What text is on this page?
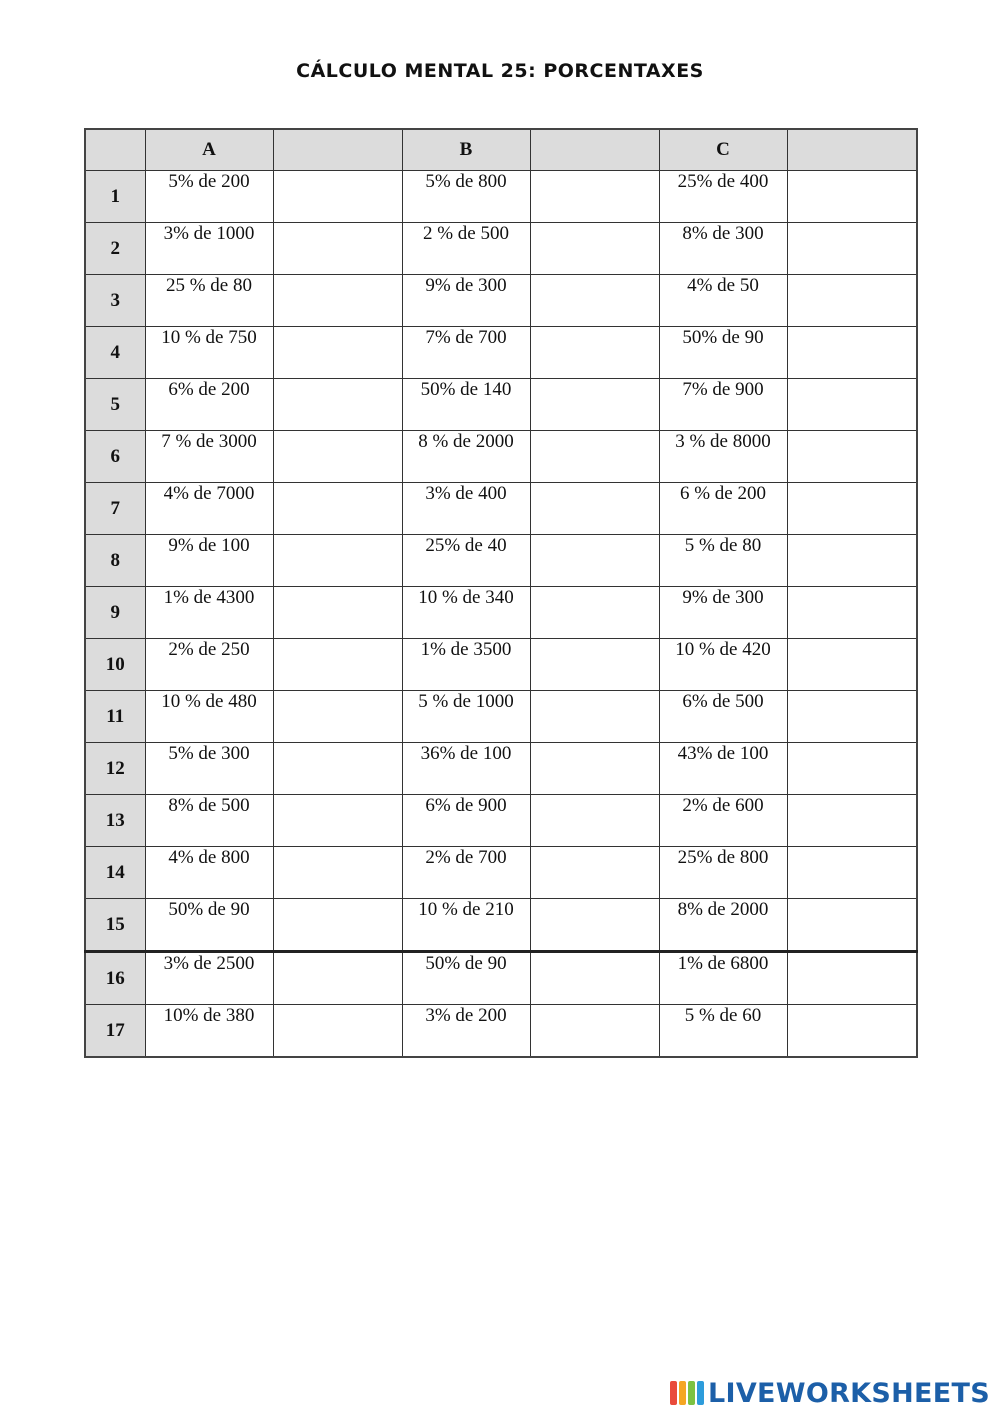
CÁLCULO MENTAL 25: PORCENTAXES
	A		B		C	
1	5% de 200		5% de 800		25% de 400	
2	3% de 1000		2 % de 500		8% de 300	
3	25 % de 80		9% de 300		4% de 50	
4	10 % de 750		7% de 700		50% de 90	
5	6% de 200		50% de 140		7% de 900	
6	7 % de 3000		8 % de 2000		3 % de 8000	
7	4% de 7000		3% de 400		6 % de 200	
8	9% de 100		25% de 40		5 % de 80	
9	1% de 4300		10 % de 340		9% de 300	
10	2% de 250		1% de 3500		10 % de 420	
11	10 % de 480		5 % de 1000		6% de 500	
12	5% de 300		36% de 100		43% de 100	
13	8% de 500		6% de 900		2% de 600	
14	4% de 800		2% de 700		25% de 800	
15	50% de 90		10 % de 210		8% de 2000	
16	3% de 2500		50% de 90		1% de 6800	
17	10% de 380		3% de 200		5 % de 60	
LIVEWORKSHEETS
